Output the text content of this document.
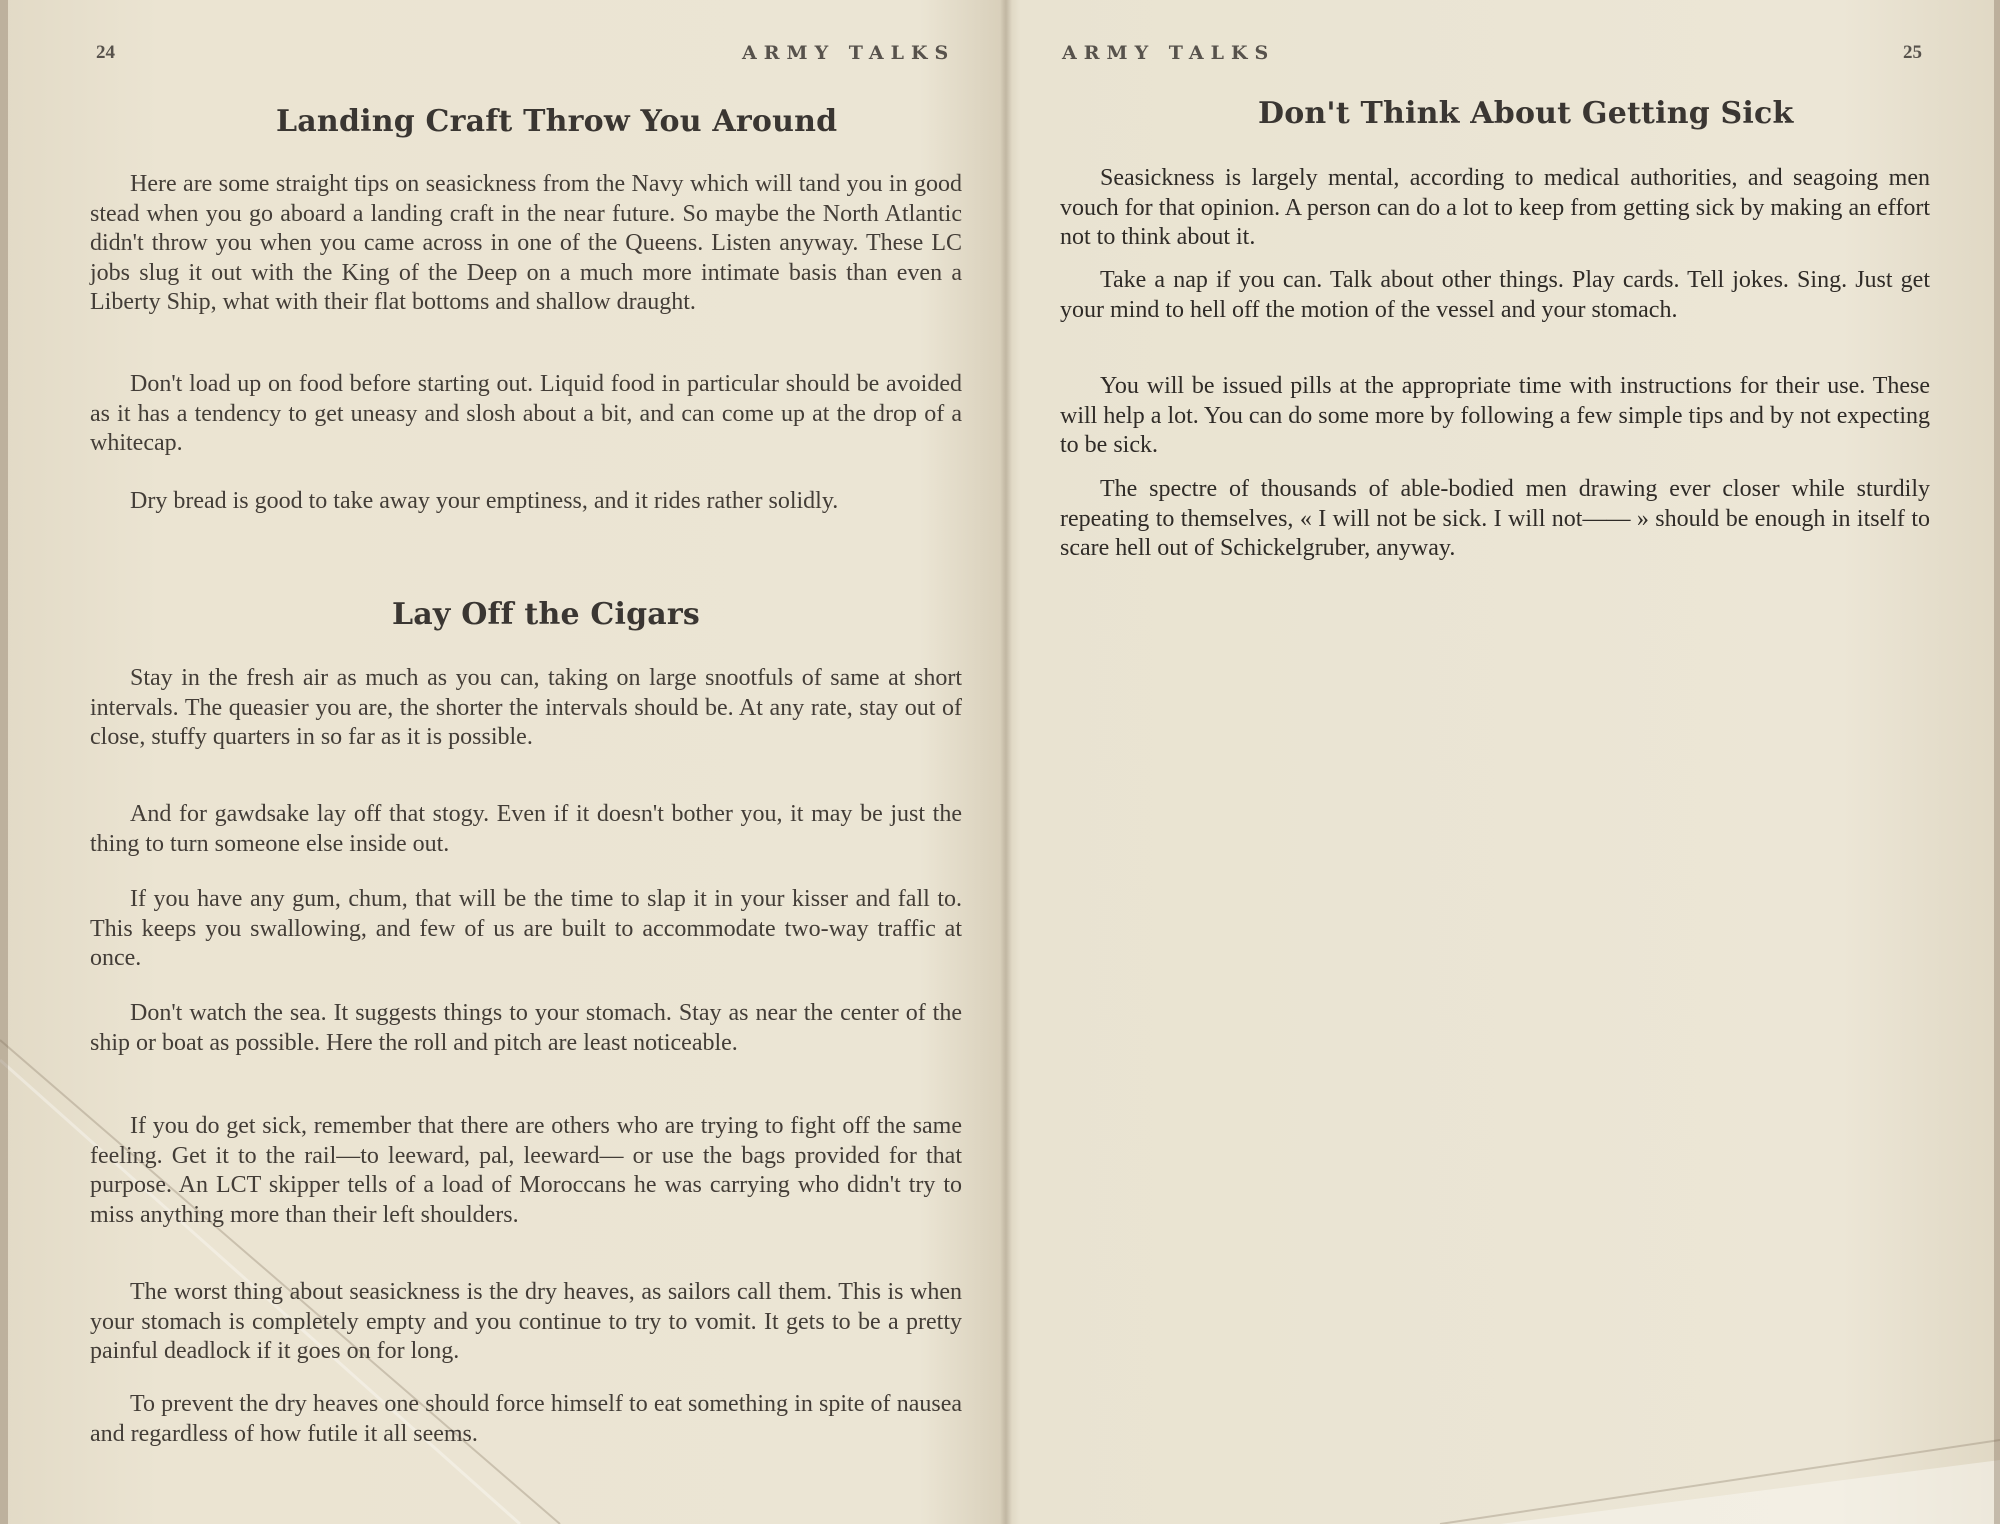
24	ARMY TALKS
Landing Craft Throw You Around

Here are some straight tips on seasickness from the Navy which will tand you in good stead when you go aboard a landing craft in the near future. So maybe the North Atlantic didn't throw you when you came across in one of the Queens. Listen anyway. These LC jobs slug it out with the King of the Deep on a much more intimate basis than even a Liberty Ship, what with their flat bottoms and shallow draught.

Don't load up on food before starting out. Liquid food in particular should be avoided as it has a tendency to get uneasy and slosh about a bit, and can come up at the drop of a whitecap.

Dry bread is good to take away your emptiness, and it rides rather solidly.

Lay Off the Cigars

Stay in the fresh air as much as you can, taking on large snootfuls of same at short intervals. The queasier you are, the shorter the intervals should be. At any rate, stay out of close, stuffy quarters in so far as it is possible.

And for gawdsake lay off that stogy. Even if it doesn't bother you, it may be just the thing to turn someone else inside out.

If you have any gum, chum, that will be the time to slap it in your kisser and fall to. This keeps you swallowing, and few of us are built to accommodate two-way traffic at once.

Don't watch the sea. It suggests things to your stomach. Stay as near the center of the ship or boat as possible. Here the roll and pitch are least noticeable.

If you do get sick, remember that there are others who are trying to fight off the same feeling. Get it to the rail—to leeward, pal, leeward— or use the bags provided for that purpose. An LCT skipper tells of a load of Moroccans he was carrying who didn't try to miss anything more than their left shoulders.

The worst thing about seasickness is the dry heaves, as sailors call them. This is when your stomach is completely empty and you continue to try to vomit. It gets to be a pretty painful deadlock if it goes on for long.

To prevent the dry heaves one should force himself to eat something in spite of nausea and regardless of how futile it all seems.

ARMY TALKS	25
Don't Think About Getting Sick

Seasickness is largely mental, according to medical authorities, and seagoing men vouch for that opinion. A person can do a lot to keep from getting sick by making an effort not to think about it.

Take a nap if you can. Talk about other things. Play cards. Tell jokes. Sing. Just get your mind to hell off the motion of the vessel and your stomach.

You will be issued pills at the appropriate time with instructions for their use. These will help a lot. You can do some more by following a few simple tips and by not expecting to be sick.

The spectre of thousands of able-bodied men drawing ever closer while sturdily repeating to themselves, « I will not be sick. I will not—— » should be enough in itself to scare hell out of Schickelgruber, anyway.
